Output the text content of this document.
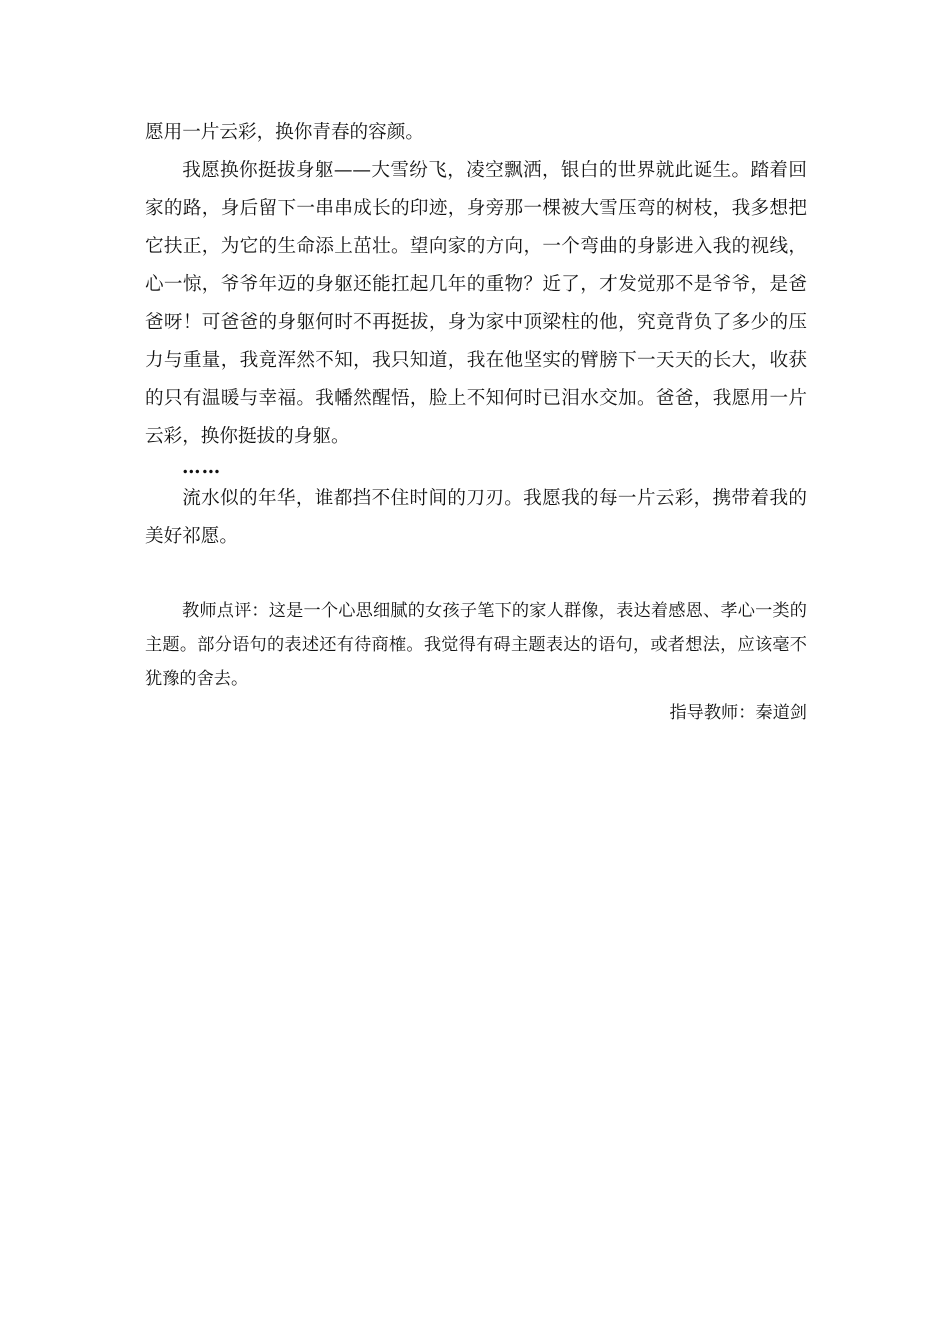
愿用一片云彩，换你青春的容颜。

我愿换你挺拔身躯——大雪纷飞，凌空飘洒，银白的世界就此诞生。踏着回家的路，身后留下一串串成长的印迹，身旁那一棵被大雪压弯的树枝，我多想把它扶正，为它的生命添上茁壮。望向家的方向，一个弯曲的身影进入我的视线，心一惊，爷爷年迈的身躯还能扛起几年的重物？近了，才发觉那不是爷爷，是爸爸呀！可爸爸的身躯何时不再挺拔，身为家中顶梁柱的他，究竟背负了多少的压力与重量，我竟浑然不知，我只知道，我在他坚实的臂膀下一天天的长大，收获的只有温暖与幸福。我幡然醒悟，脸上不知何时已泪水交加。爸爸，我愿用一片云彩，换你挺拔的身躯。

……

流水似的年华，谁都挡不住时间的刀刃。我愿我的每一片云彩，携带着我的美好祁愿。

教师点评：这是一个心思细腻的女孩子笔下的家人群像，表达着感恩、孝心一类的主题。部分语句的表述还有待商榷。我觉得有碍主题表达的语句，或者想法，应该毫不犹豫的舍去。

指导教师：秦道剑
